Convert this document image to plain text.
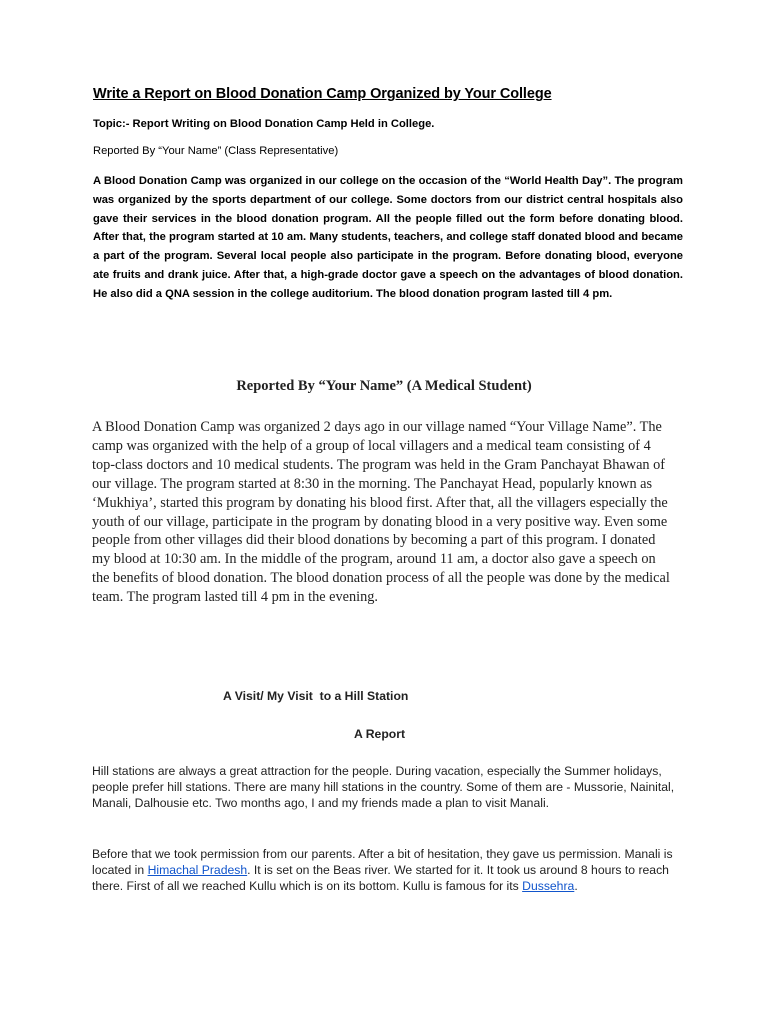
Write a Report on Blood Donation Camp Organized by Your College
Topic:- Report Writing on Blood Donation Camp Held in College.
Reported By “Your Name” (Class Representative)

A Blood Donation Camp was organized in our college on the occasion of the “World Health Day”. The program was organized by the sports department of our college. Some doctors from our district central hospitals also gave their services in the blood donation program. All the people filled out the form before donating blood. After that, the program started at 10 am. Many students, teachers, and college staff donated blood and became a part of the program. Several local people also participate in the program. Before donating blood, everyone ate fruits and drank juice. After that, a high-grade doctor gave a speech on the advantages of blood donation. He also did a QNA session in the college auditorium. The blood donation program lasted till 4 pm.

Reported By “Your Name” (A Medical Student)

A Blood Donation Camp was organized 2 days ago in our village named “Your Village Name”. The camp was organized with the help of a group of local villagers and a medical team consisting of 4 top-class doctors and 10 medical students. The program was held in the Gram Panchayat Bhawan of our village. The program started at 8:30 in the morning. The Panchayat Head, popularly known as ‘Mukhiya’, started this program by donating his blood first. After that, all the villagers especially the youth of our village, participate in the program by donating blood in a very positive way. Even some people from other villages did their blood donations by becoming a part of this program. I donated my blood at 10:30 am. In the middle of the program, around 11 am, a doctor also gave a speech on the benefits of blood donation. The blood donation process of all the people was done by the medical team. The program lasted till 4 pm in the evening.

A Visit/ My Visit  to a Hill Station
A Report

Hill stations are always a great attraction for the people. During vacation, especially the Summer holidays, people prefer hill stations. There are many hill stations in the country. Some of them are - Mussorie, Nainital, Manali, Dalhousie etc. Two months ago, I and my friends made a plan to visit Manali.

Before that we took permission from our parents. After a bit of hesitation, they gave us permission. Manali is located in Himachal Pradesh. It is set on the Beas river. We started for it. It took us around 8 hours to reach there. First of all we reached Kullu which is on its bottom. Kullu is famous for its Dussehra.
